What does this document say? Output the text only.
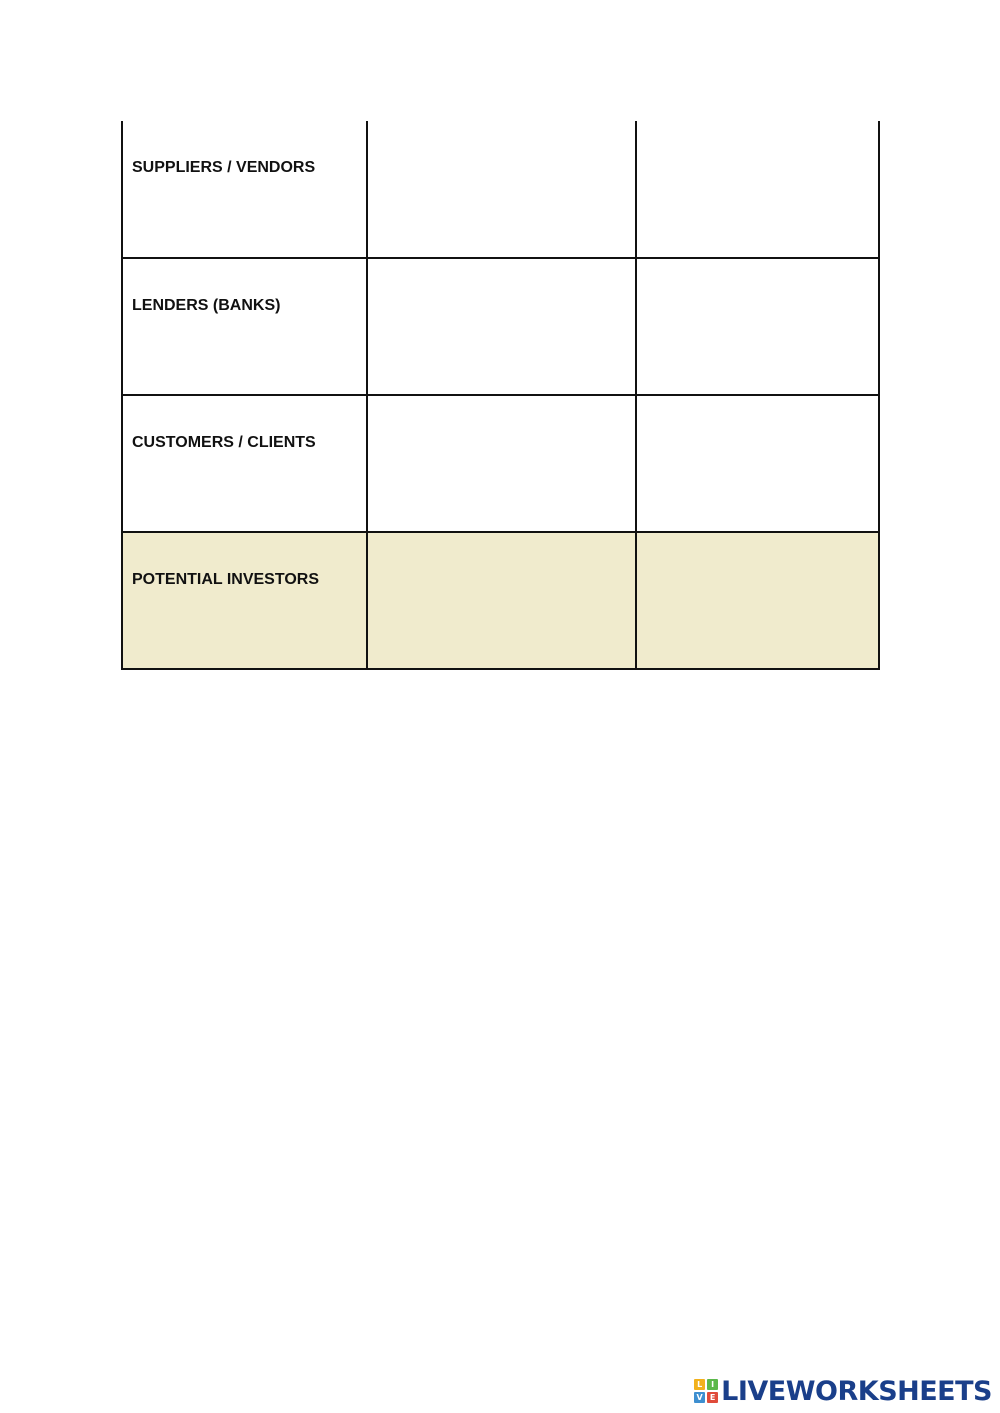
SUPPLIERS / VENDORS		
LENDERS (BANKS)		
CUSTOMERS / CLIENTS		
POTENTIAL INVESTORS		
L	I
V E LIVEWORKSHEETS
